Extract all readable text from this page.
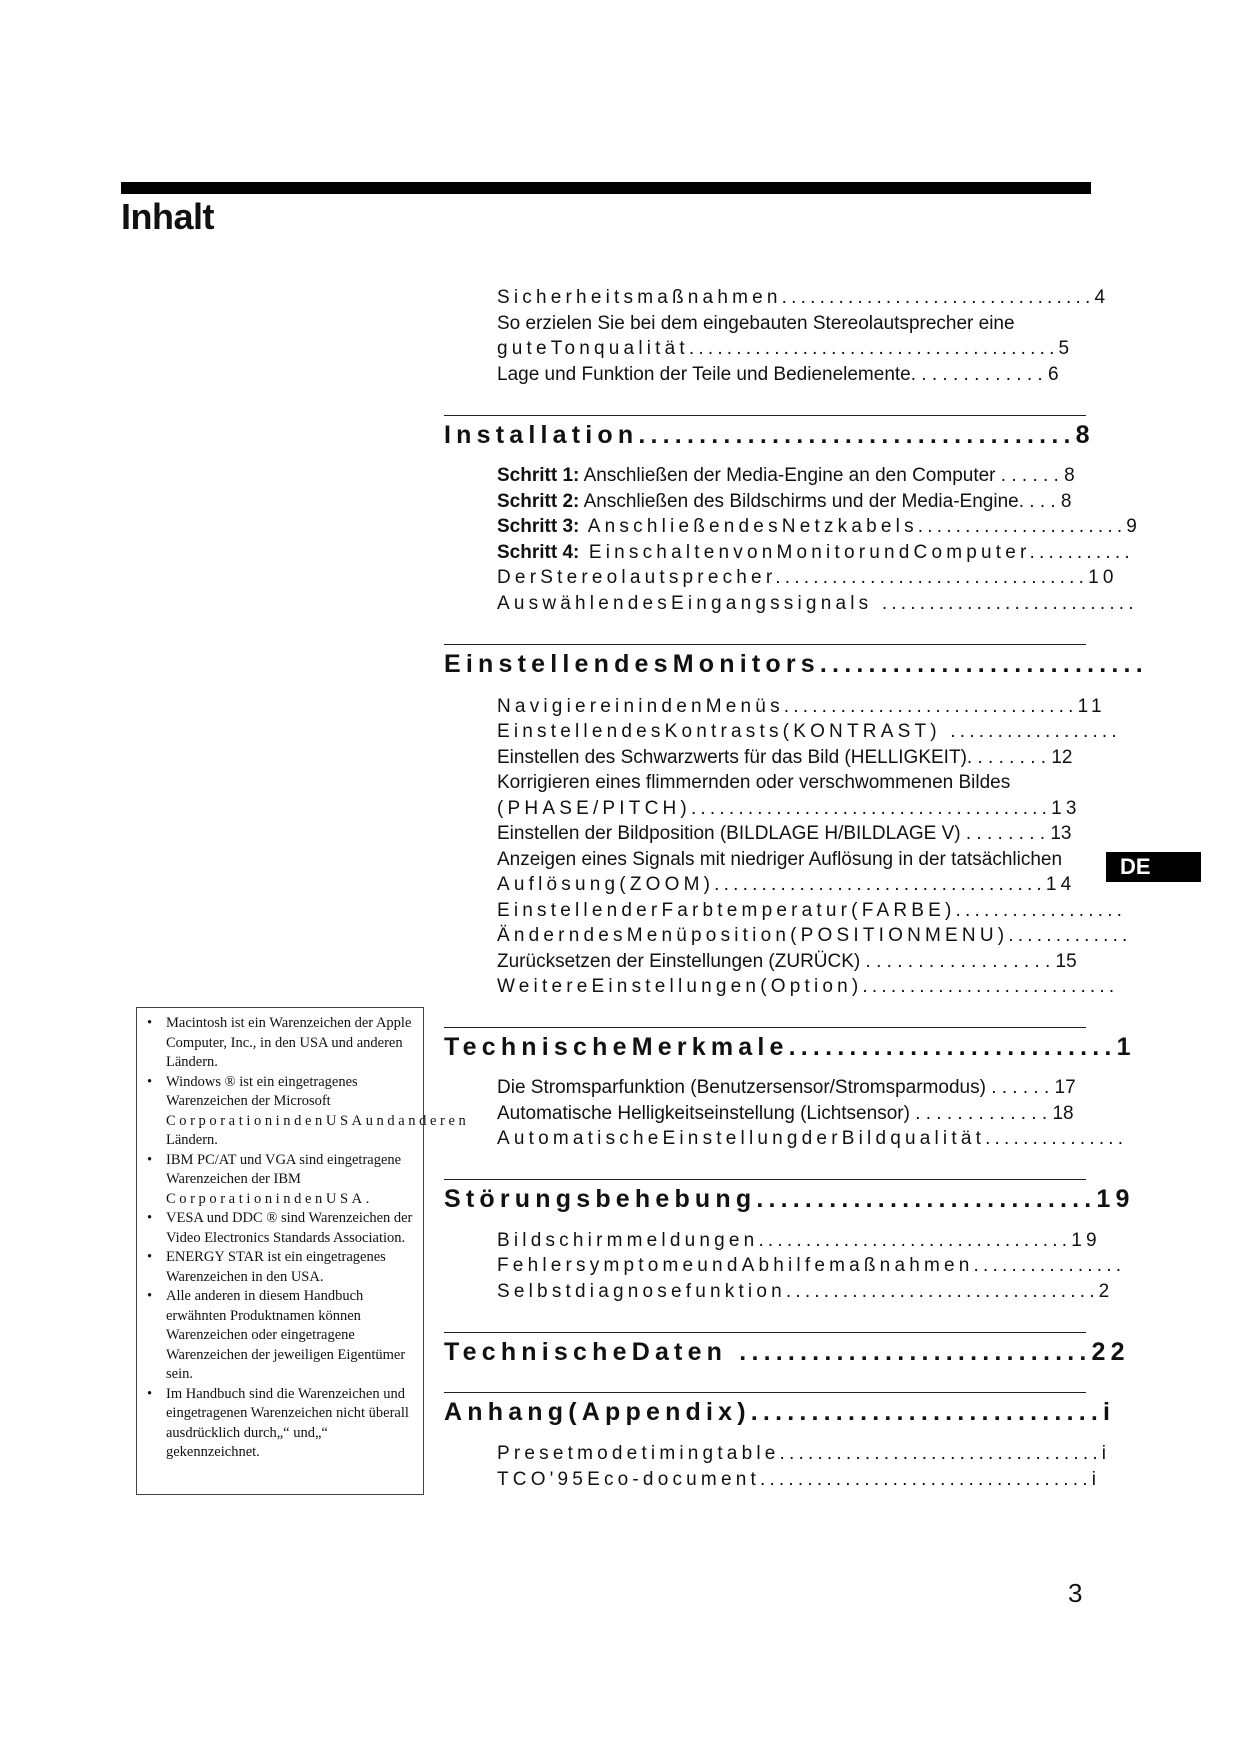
Inhalt
Sicherheitsmaßnahmen.................................4
So erzielen Sie bei dem eingebauten Stereolautsprecher eine
guteTonqualität.......................................5
Lage und Funktion der Teile und Bedienelemente. . . . . . . . . . . . . 6
Installation....................................8
Schritt 1: Anschließen der Media-Engine an den Computer . . . . . . 8
Schritt 2: Anschließen des Bildschirms und der Media-Engine. . . . 8
Schritt 3: AnschließendesNetzkabels......................9
Schritt 4: EinschaltenvonMonitorundComputer...........
DerStereolautsprecher.................................10
AuswählendesEingangssignals ...........................
EinstellendesMonitors...........................
NavigiereinindenMenüs...............................11
EinstellendesKontrasts(KONTRAST) ..................
Einstellen des Schwarzwerts für das Bild (HELLIGKEIT). . . . . . . . 12
Korrigieren eines flimmernden oder verschwommenen Bildes
(PHASE/PITCH)......................................13
Einstellen der Bildposition (BILDLAGE H/BILDLAGE V) . . . . . . . . 13
Anzeigen eines Signals mit niedriger Auflösung in der tatsächlichen
Auflösung(ZOOM)...................................14
EinstellenderFarbtemperatur(FARBE)..................
ÄnderndesMenüposition(POSITIONMENU).............
Zurücksetzen der Einstellungen (ZURÜCK) . . . . . . . . . . . . . . . . . . 15
WeitereEinstellungen(Option)...........................
TechnischeMerkmale...........................1
Die Stromsparfunktion (Benutzersensor/Stromsparmodus) . . . . . . 17
Automatische Helligkeitseinstellung (Lichtsensor) . . . . . . . . . . . . . 18
AutomatischeEinstellungderBildqualität...............
Störungsbehebung............................19
Bildschirmmeldungen.................................19
FehlersymptomeundAbhilfemaßnahmen................
Selbstdiagnosefunktion.................................2
TechnischeDaten .............................22
Anhang(Appendix).............................i
Presetmodetimingtable..................................i
TCO'95Eco-document...................................i
DE
• Macintosh ist ein Warenzeichen der Apple Computer, Inc., in den USA und anderen Ländern.
• Windows ® ist ein eingetragenes Warenzeichen der Microsoft CorporationindenUSAundanderen Ländern.
• IBM PC/AT und VGA sind eingetragene Warenzeichen der IBM CorporationindenUSA.
• VESA und DDC ® sind Warenzeichen der Video Electronics Standards Association.
• ENERGY STAR ist ein eingetragenes Warenzeichen in den USA.
• Alle anderen in diesem Handbuch erwähnten Produktnamen können Warenzeichen oder eingetragene Warenzeichen der jeweiligen Eigentümer sein.
• Im Handbuch sind die Warenzeichen und eingetragenen Warenzeichen nicht überall ausdrücklich durch„“ und„“ gekennzeichnet.
3
